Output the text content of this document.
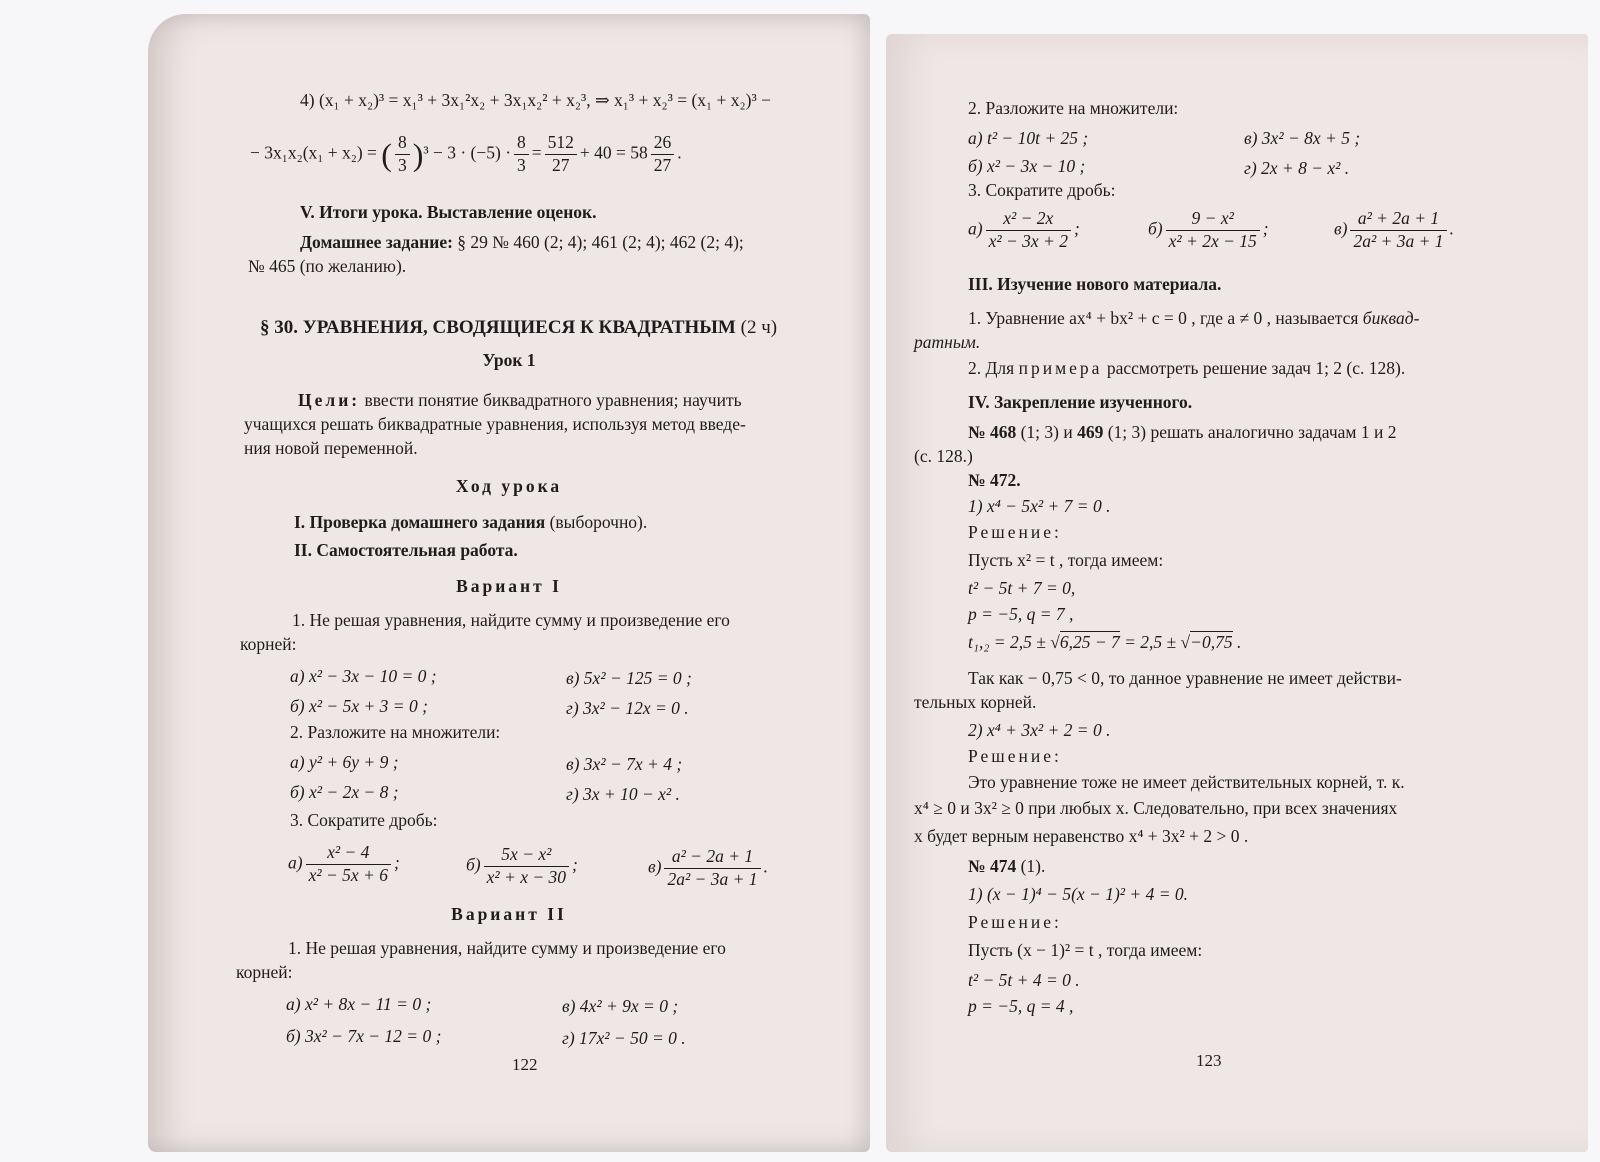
4) (x₁ + x₂)³ = x₁³ + 3x₁²x₂ + 3x₁x₂² + x₂³, ⇒ x₁³ + x₂³ = (x₁ + x₂)³ −
− 3x₁x₂(x₁ + x₂) = ( $\frac{8}{3} )^3 - 3 \cdot (-5) \cdot \frac{8}{3} = \frac{512}{27} + 40 = 58 \frac{26}{27}$ .
V. Итоги урока. Выставление оценок.
Домашнее задание: § 29 № 460 (2; 4); 461 (2; 4); 462 (2; 4);
№ 465 (по желанию).
§ 30. УРАВНЕНИЯ, СВОДЯЩИЕСЯ К КВАДРАТНЫМ (2 ч)
Урок 1
Цели: ввести понятие биквадратного уравнения; научить
учащихся решать биквадратные уравнения, используя метод введе-
ния новой переменной.
Ход урока
I. Проверка домашнего задания (выборочно).
II. Самостоятельная работа.
Вариант I
1. Не решая уравнения, найдите сумму и произведение его
корней:
а) x² − 3x − 10 = 0 ;	в) 5x² − 125 = 0 ;
б) x² − 5x + 3 = 0 ;	г) 3x² − 12x = 0 .
2. Разложите на множители:
а) y² + 6y + 9 ;	в) 3x² − 7x + 4 ;
б) x² − 2x − 8 ;	г) 3x + 10 − x² .
3. Сократите дробь:
$а) \frac{\text{x² − 4}}{\text{x² − 5x + 6}}$ ;	$б) \frac{\text{5x − x²}}{\text{x² + x − 30}}$ ;	$в) \frac{\text{a² − 2a + 1}}{\text{2a² − 3a + 1}}$ .
Вариант II
1. Не решая уравнения, найдите сумму и произведение его
корней:
а) x² + 8x − 11 = 0 ;	в) 4x² + 9x = 0 ;
б) 3x² − 7x − 12 = 0 ;	г) 17x² − 50 = 0 .
122
2. Разложите на множители:
а) t² − 10t + 25 ;	в) 3x² − 8x + 5 ;
б) x² − 3x − 10 ;	г) 2x + 8 − x² .
3. Сократите дробь:
$а) \frac{\text{x² − 2x}}{\text{x² − 3x + 2}}$ ;	$б) \frac{\text{9 − x²}}{\text{x² + 2x − 15}}$ ;	$в) \frac{\text{a² + 2a + 1}}{\text{2a² + 3a + 1}}$ .
III. Изучение нового материала.
1. Уравнение ax⁴ + bx² + c = 0 , где a ≠ 0 , называется биквад-
ратным.
2. Для примера рассмотреть решение задач 1; 2 (с. 128).
IV. Закрепление изученного.
№ 468 (1; 3) и 469 (1; 3) решать аналогично задачам 1 и 2
(с. 128.)
№ 472.
1) x⁴ − 5x² + 7 = 0 .
Решение:
Пусть x² = t , тогда имеем:
t² − 5t + 7 = 0,
p = −5, q = 7 ,
t₁,₂ = 2,5 ± √6,25 − 7 = 2,5 ± √−0,75 .
Так как − 0,75 < 0, то данное уравнение не имеет действи-
тельных корней.
2) x⁴ + 3x² + 2 = 0 .
Решение:
Это уравнение тоже не имеет действительных корней, т. к.
x⁴ ≥ 0 и 3x² ≥ 0 при любых x. Следовательно, при всех значениях
x будет верным неравенство x⁴ + 3x² + 2 > 0 .
№ 474 (1).
1) (x − 1)⁴ − 5(x − 1)² + 4 = 0.
Решение:
Пусть (x − 1)² = t , тогда имеем:
t² − 5t + 4 = 0 .
p = −5, q = 4 ,
123
